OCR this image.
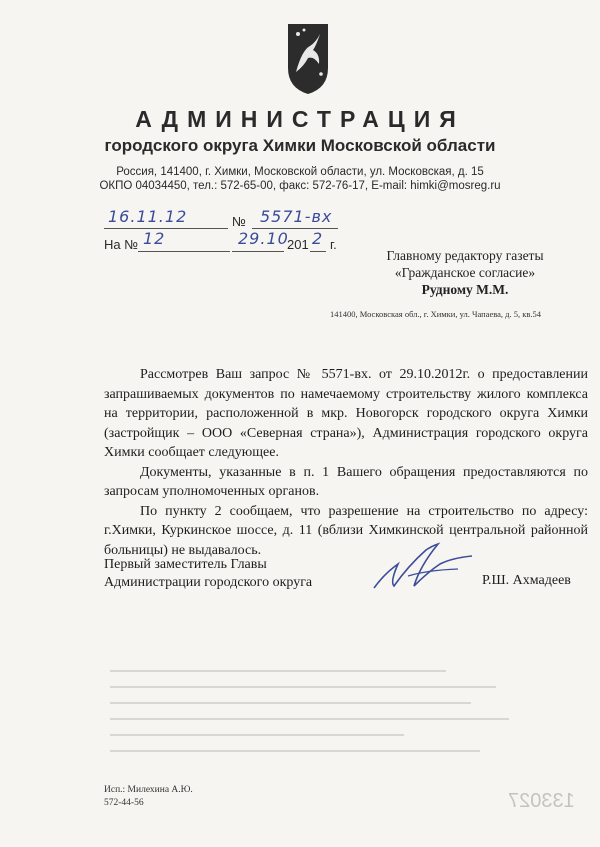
АДМИНИСТРАЦИЯ
городского округа Химки Московской области
Россия, 141400, г. Химки, Московской области, ул. Московская, д. 15
ОКПО 04034450, тел.: 572-65-00, факс: 572-76-17, E-mail: himki@mosreg.ru
16.11.12	№ 5571-вх
На № 12	29.10
201 2 г.
Главному редактору газеты
«Гражданское согласие»
Рудному М.М.
141400, Московская обл., г. Химки, ул. Чапаева, д. 5, кв.54

Рассмотрев Ваш запрос № 5571-вх. от 29.10.2012г. о предоставлении запрашиваемых документов по намечаемому строительству жилого комплекса на территории, расположенной в мкр. Новогорск городского округа Химки (застройщик – ООО «Северная страна»), Администрация городского округа Химки сообщает следующее.

Документы, указанные в п. 1 Вашего обращения предоставляются по запросам уполномоченных органов.

По пункту 2 сообщаем, что разрешение на строительство по адресу: г.Химки, Куркинское шоссе, д. 11 (вблизи Химкинской центральной районной больницы) не выдавалось.

Первый заместитель Главы
Администрации городского округа	Р.Ш. Ахмадеев
133027
Исп.: Милехина А.Ю.
572-44-56
